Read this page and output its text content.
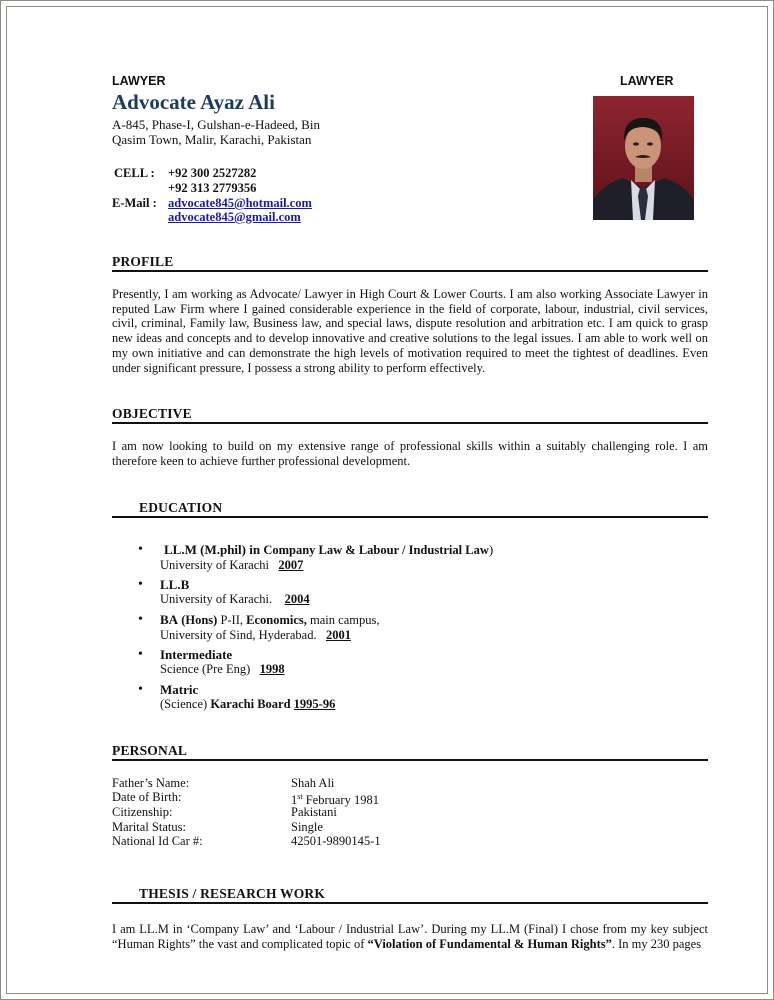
LAWYER	LAWYER
Advocate Ayaz Ali
A-845, Phase-I, Gulshan-e-Hadeed, Bin
Qasim Town, Malir, Karachi, Pakistan
CELL : +92 300 2527282
+92 313 2779356
E-Mail : advocate845@hotmail.com
advocate845@gmail.com
PROFILE
Presently, I am working as Advocate/ Lawyer in High Court & Lower Courts. I am also working Associate Lawyer in reputed Law Firm where I gained considerable experience in the field of corporate, labour, industrial, civil services, civil, criminal, Family law, Business law, and special laws, dispute resolution and arbitration etc. I am quick to grasp new ideas and concepts and to develop innovative and creative solutions to the legal issues. I am able to work well on my own initiative and can demonstrate the high levels of motivation required to meet the tightest of deadlines. Even under significant pressure, I possess a strong ability to perform effectively.
OBJECTIVE
I am now looking to build on my extensive range of professional skills within a suitably challenging role. I am therefore keen to achieve further professional development.
EDUCATION
• LL.M (M.phil) in Company Law & Labour / Industrial Law)
University of Karachi 2007
• LL.B
University of Karachi. 2004
• BA (Hons) P-II, Economics, main campus,
University of Sind, Hyderabad. 2001
• Intermediate
Science (Pre Eng) 1998
• Matric
(Science) Karachi Board 1995-96
PERSONAL
Father’s Name:	Shah Ali
Date of Birth:	1st February 1981
Citizenship:	Pakistani
Marital Status:	Single
National Id Car #:	42501-9890145-1
THESIS / RESEARCH WORK
I am LL.M in ‘Company Law’ and ‘Labour / Industrial Law’. During my LL.M (Final) I chose from my key subject “Human Rights” the vast and complicated topic of “Violation of Fundamental & Human Rights”. In my 230 pages
